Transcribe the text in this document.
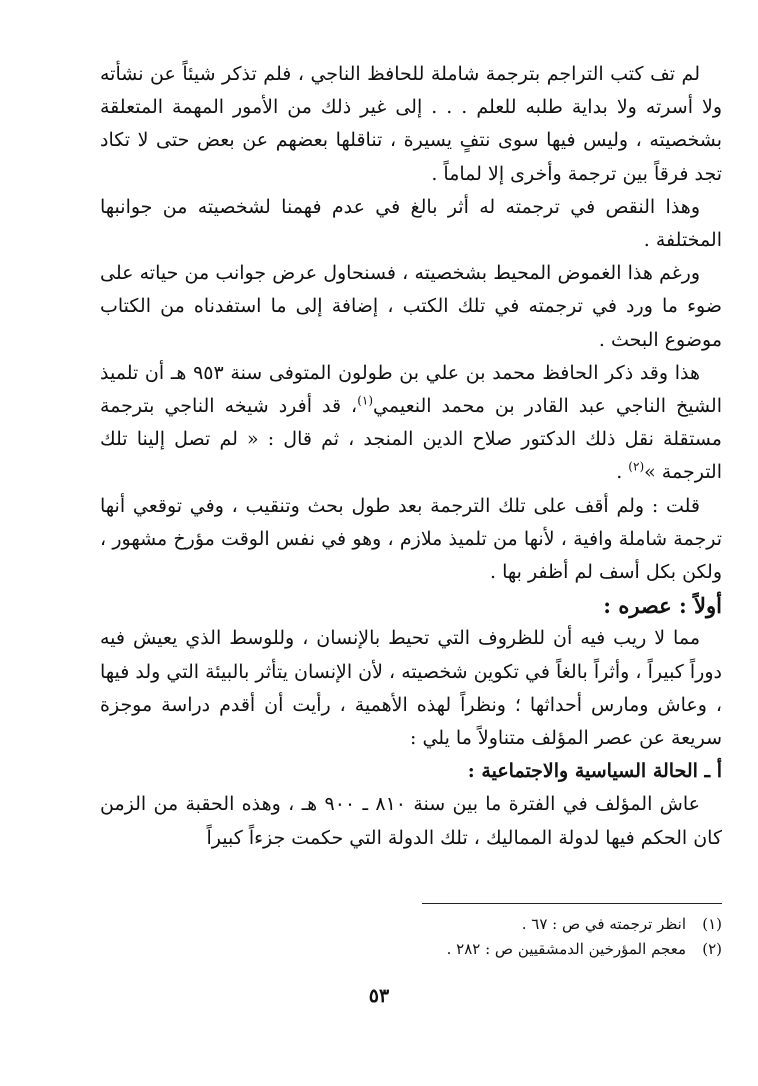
لم تف كتب التراجم بترجمة شاملة للحافظ الناجي ، فلم تذكر شيئاً عن نشأته ولا أسرته ولا بداية طلبه للعلم . . . إلى غير ذلك من الأمور المهمة المتعلقة بشخصيته ، وليس فيها سوى نتفٍ يسيرة ، تناقلها بعضهم عن بعض حتى لا تكاد تجد فرقاً بين ترجمة وأخرى إلا لماماً .

وهذا النقص في ترجمته له أثر بالغ في عدم فهمنا لشخصيته من جوانبها المختلفة .

ورغم هذا الغموض المحيط بشخصيته ، فسنحاول عرض جوانب من حياته على ضوء ما ورد في ترجمته في تلك الكتب ، إضافة إلى ما استفدناه من الكتاب موضوع البحث .

هذا وقد ذكر الحافظ محمد بن علي بن طولون المتوفى سنة ٩٥٣ هـ أن تلميذ الشيخ الناجي عبد القادر بن محمد النعيمي$^{(١)}$، قد أفرد شيخه الناجي بترجمة مستقلة نقل ذلك الدكتور صلاح الدين المنجد ، ثم قال : « لم تصل إلينا تلك الترجمة »$^{(٢)}$ .

قلت : ولم أقف على تلك الترجمة بعد طول بحث وتنقيب ، وفي توقعي أنها ترجمة شاملة وافية ، لأنها من تلميذ ملازم ، وهو في نفس الوقت مؤرخ مشهور ، ولكن بكل أسف لم أظفر بها .

أولاً : عصره :

مما لا ريب فيه أن للظروف التي تحيط بالإنسان ، وللوسط الذي يعيش فيه دوراً كبيراً ، وأثراً بالغاً في تكوين شخصيته ، لأن الإنسان يتأثر بالبيئة التي ولد فيها ، وعاش ومارس أحداثها ؛ ونظراً لهذه الأهمية ، رأيت أن أقدم دراسة موجزة سريعة عن عصر المؤلف متناولاً ما يلي :

أ ـ الحالة السياسية والاجتماعية :

عاش المؤلف في الفترة ما بين سنة ٨١٠ ـ ٩٠٠ هـ ، وهذه الحقبة من الزمن كان الحكم فيها لدولة المماليك ، تلك الدولة التي حكمت جزءاً كبيراً

(١)انظر ترجمته في ص : ٦٧ .

(٢)معجم المؤرخين الدمشقيين ص : ٢٨٢ .

٥٣
